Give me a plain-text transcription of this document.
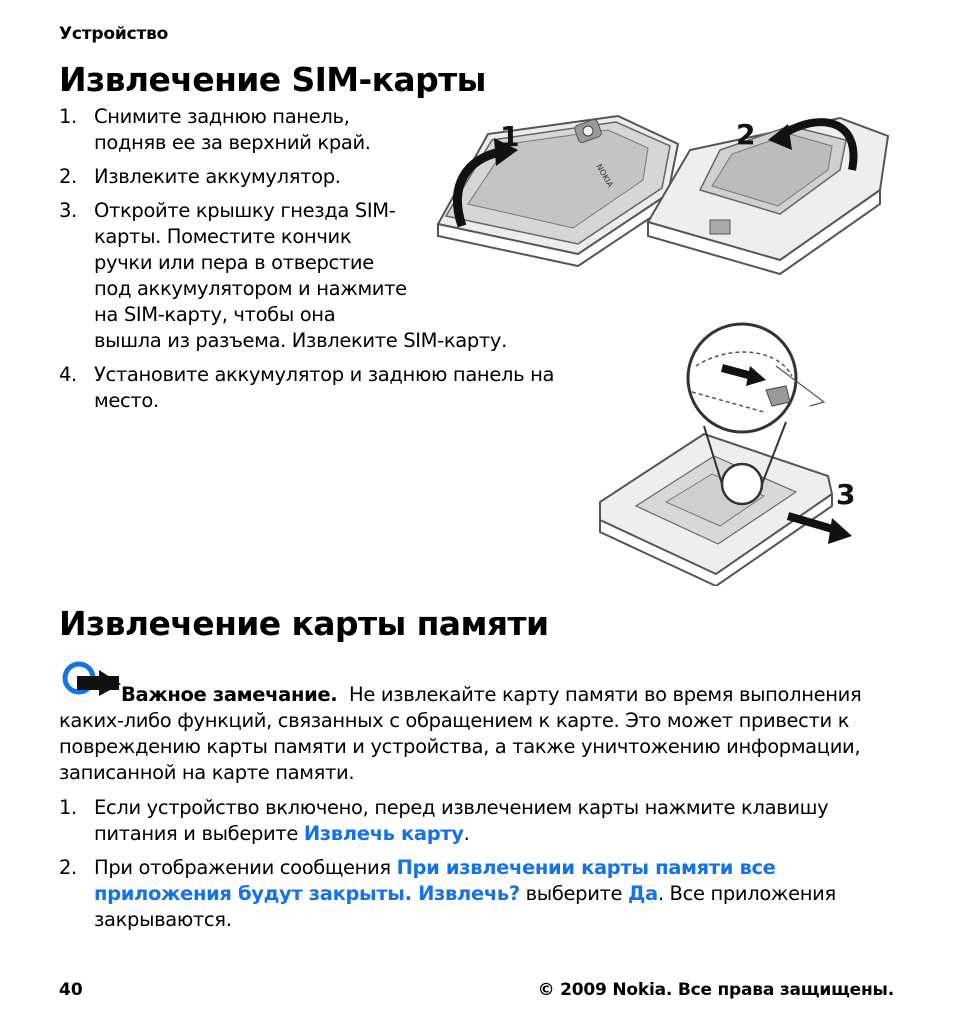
Устройство
Извлечение SIM-карты
1. Снимите заднюю панель,
подняв ее за верхний край.
2. Извлеките аккумулятор.
3. Откройте крышку гнезда SIM-
карты. Поместите кончик
ручки или пера в отверстие
под аккумулятором и нажмите
на SIM-карту, чтобы она
вышла из разъема. Извлеките SIM-карту.
4. Установите аккумулятор и заднюю панель на
место.
NOKIA
1	2
3
Извлечение карты памяти
Важное замечание. Не извлекайте карту памяти во время выполнения
каких-либо функций, связанных с обращением к карте. Это может привести к
повреждению карты памяти и устройства, а также уничтожению информации,
записанной на карте памяти.
1. Если устройство включено, перед извлечением карты нажмите клавишу
питания и выберите Извлечь карту.
2. При отображении сообщения При извлечении карты памяти все
приложения будут закрыты. Извлечь? выберите Да. Все приложения
закрываются.
40	© 2009 Nokia. Все права защищены.
